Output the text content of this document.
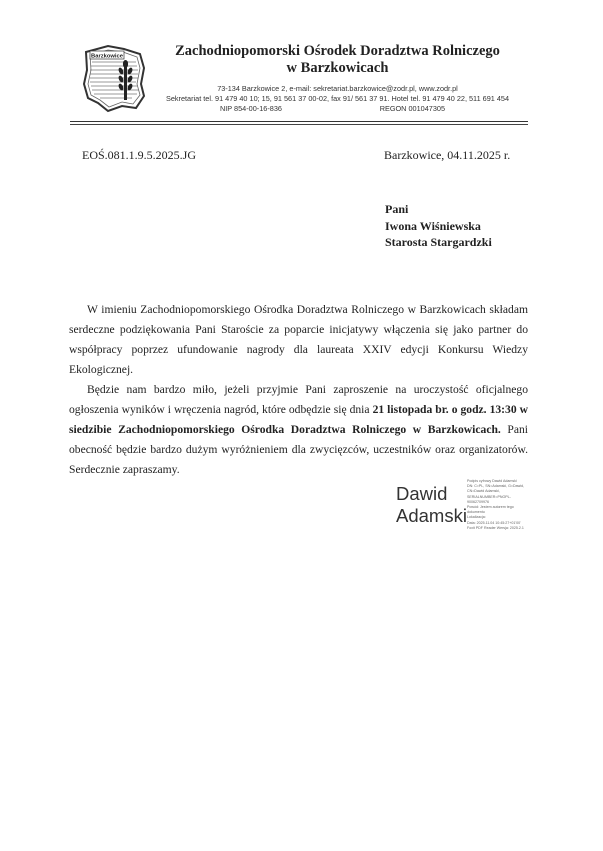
Barzkowice	Zachodniopomorski Ośrodek Doradztwa Rolniczego
w Barzkowicach
73-134 Barzkowice 2, e-mail: sekretariat.barzkowice@zodr.pl, www.zodr.pl
Sekretariat tel. 91 479 40 10; 15, 91 561 37 00-02, fax 91/ 561 37 91. Hotel tel. 91 479 40 22, 511 691 454
NIP 854-00-16-836	REGON 001047305
EOŚ.081.1.9.5.2025.JG	Barzkowice, 04.11.2025 r.
Pani
Iwona Wiśniewska
Starosta Stargardzki

W imieniu Zachodniopomorskiego Ośrodka Doradztwa Rolniczego w Barzkowicach składam serdeczne podziękowania Pani Staroście za poparcie inicjatywy włączenia się jako partner do współpracy poprzez ufundowanie nagrody dla laureata XXIV edycji Konkursu Wiedzy Ekologicznej.

Będzie nam bardzo miło, jeżeli przyjmie Pani zaproszenie na uroczystość oficjalnego ogłoszenia wyników i wręczenia nagród, które odbędzie się dnia 21 listopada br. o godz. 13:30 w siedzibie Zachodniopomorskiego Ośrodka Doradztwa Rolniczego w Barzkowicach. Pani obecność będzie bardzo dużym wyróżnieniem dla zwycięzców, uczestników oraz organizatorów. Serdecznie zapraszamy.

Dawid
Adamski
Podpis cyfrowy Dawid Adamski
DN: C=PL, SN=Adamski, G=Dawid,
CN=Dawid Adamski,
SERIALNUMBER=PNOPL-
90062709976
Powód: Jestem autorem tego
dokumentu
Lokalizacja:
Data: 2025.11.04 10:45:27+01'00'
Foxit PDF Reader Wersja: 2025.2.1
